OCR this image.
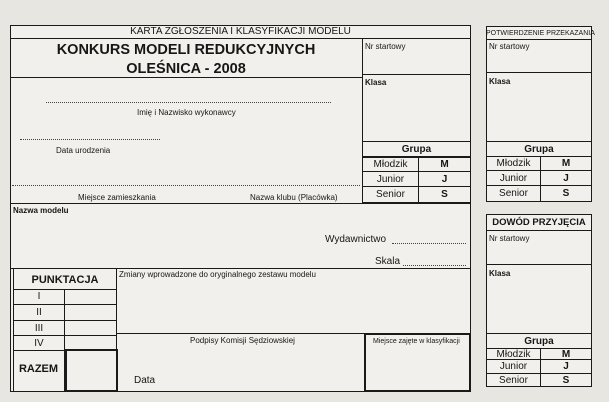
KARTA ZGŁOSZENIA I KLASYFIKACJI MODELU
KONKURS MODELI REDUKCYJNYCH
OLEŚNICA - 2008
Nr startowy
Klasa
Grupa
Młodzik	M
Junior	J
Senior	S
Imię i Nazwisko wykonawcy
Data urodzenia
Miejsce zamieszkania	Nazwa klubu (Placówka)
Nazwa modelu
Wydawnictwo
Skala
PUNKTACJA
I
II
III
IV
RAZEM
Zmiany wprowadzone do oryginalnego zestawu modelu
Podpisy Komisji Sędziowskiej
Data
Miejsce zajęte w klasyfikacji
POTWIERDZENIE PRZEKAZANIA
Nr startowy
Klasa
Grupa
Młodzik	M
Junior	J
Senior	S
DOWÓD PRZYJĘCIA
Nr startowy
Klasa
Grupa
Młodzik	M
Junior	J
Senior	S
